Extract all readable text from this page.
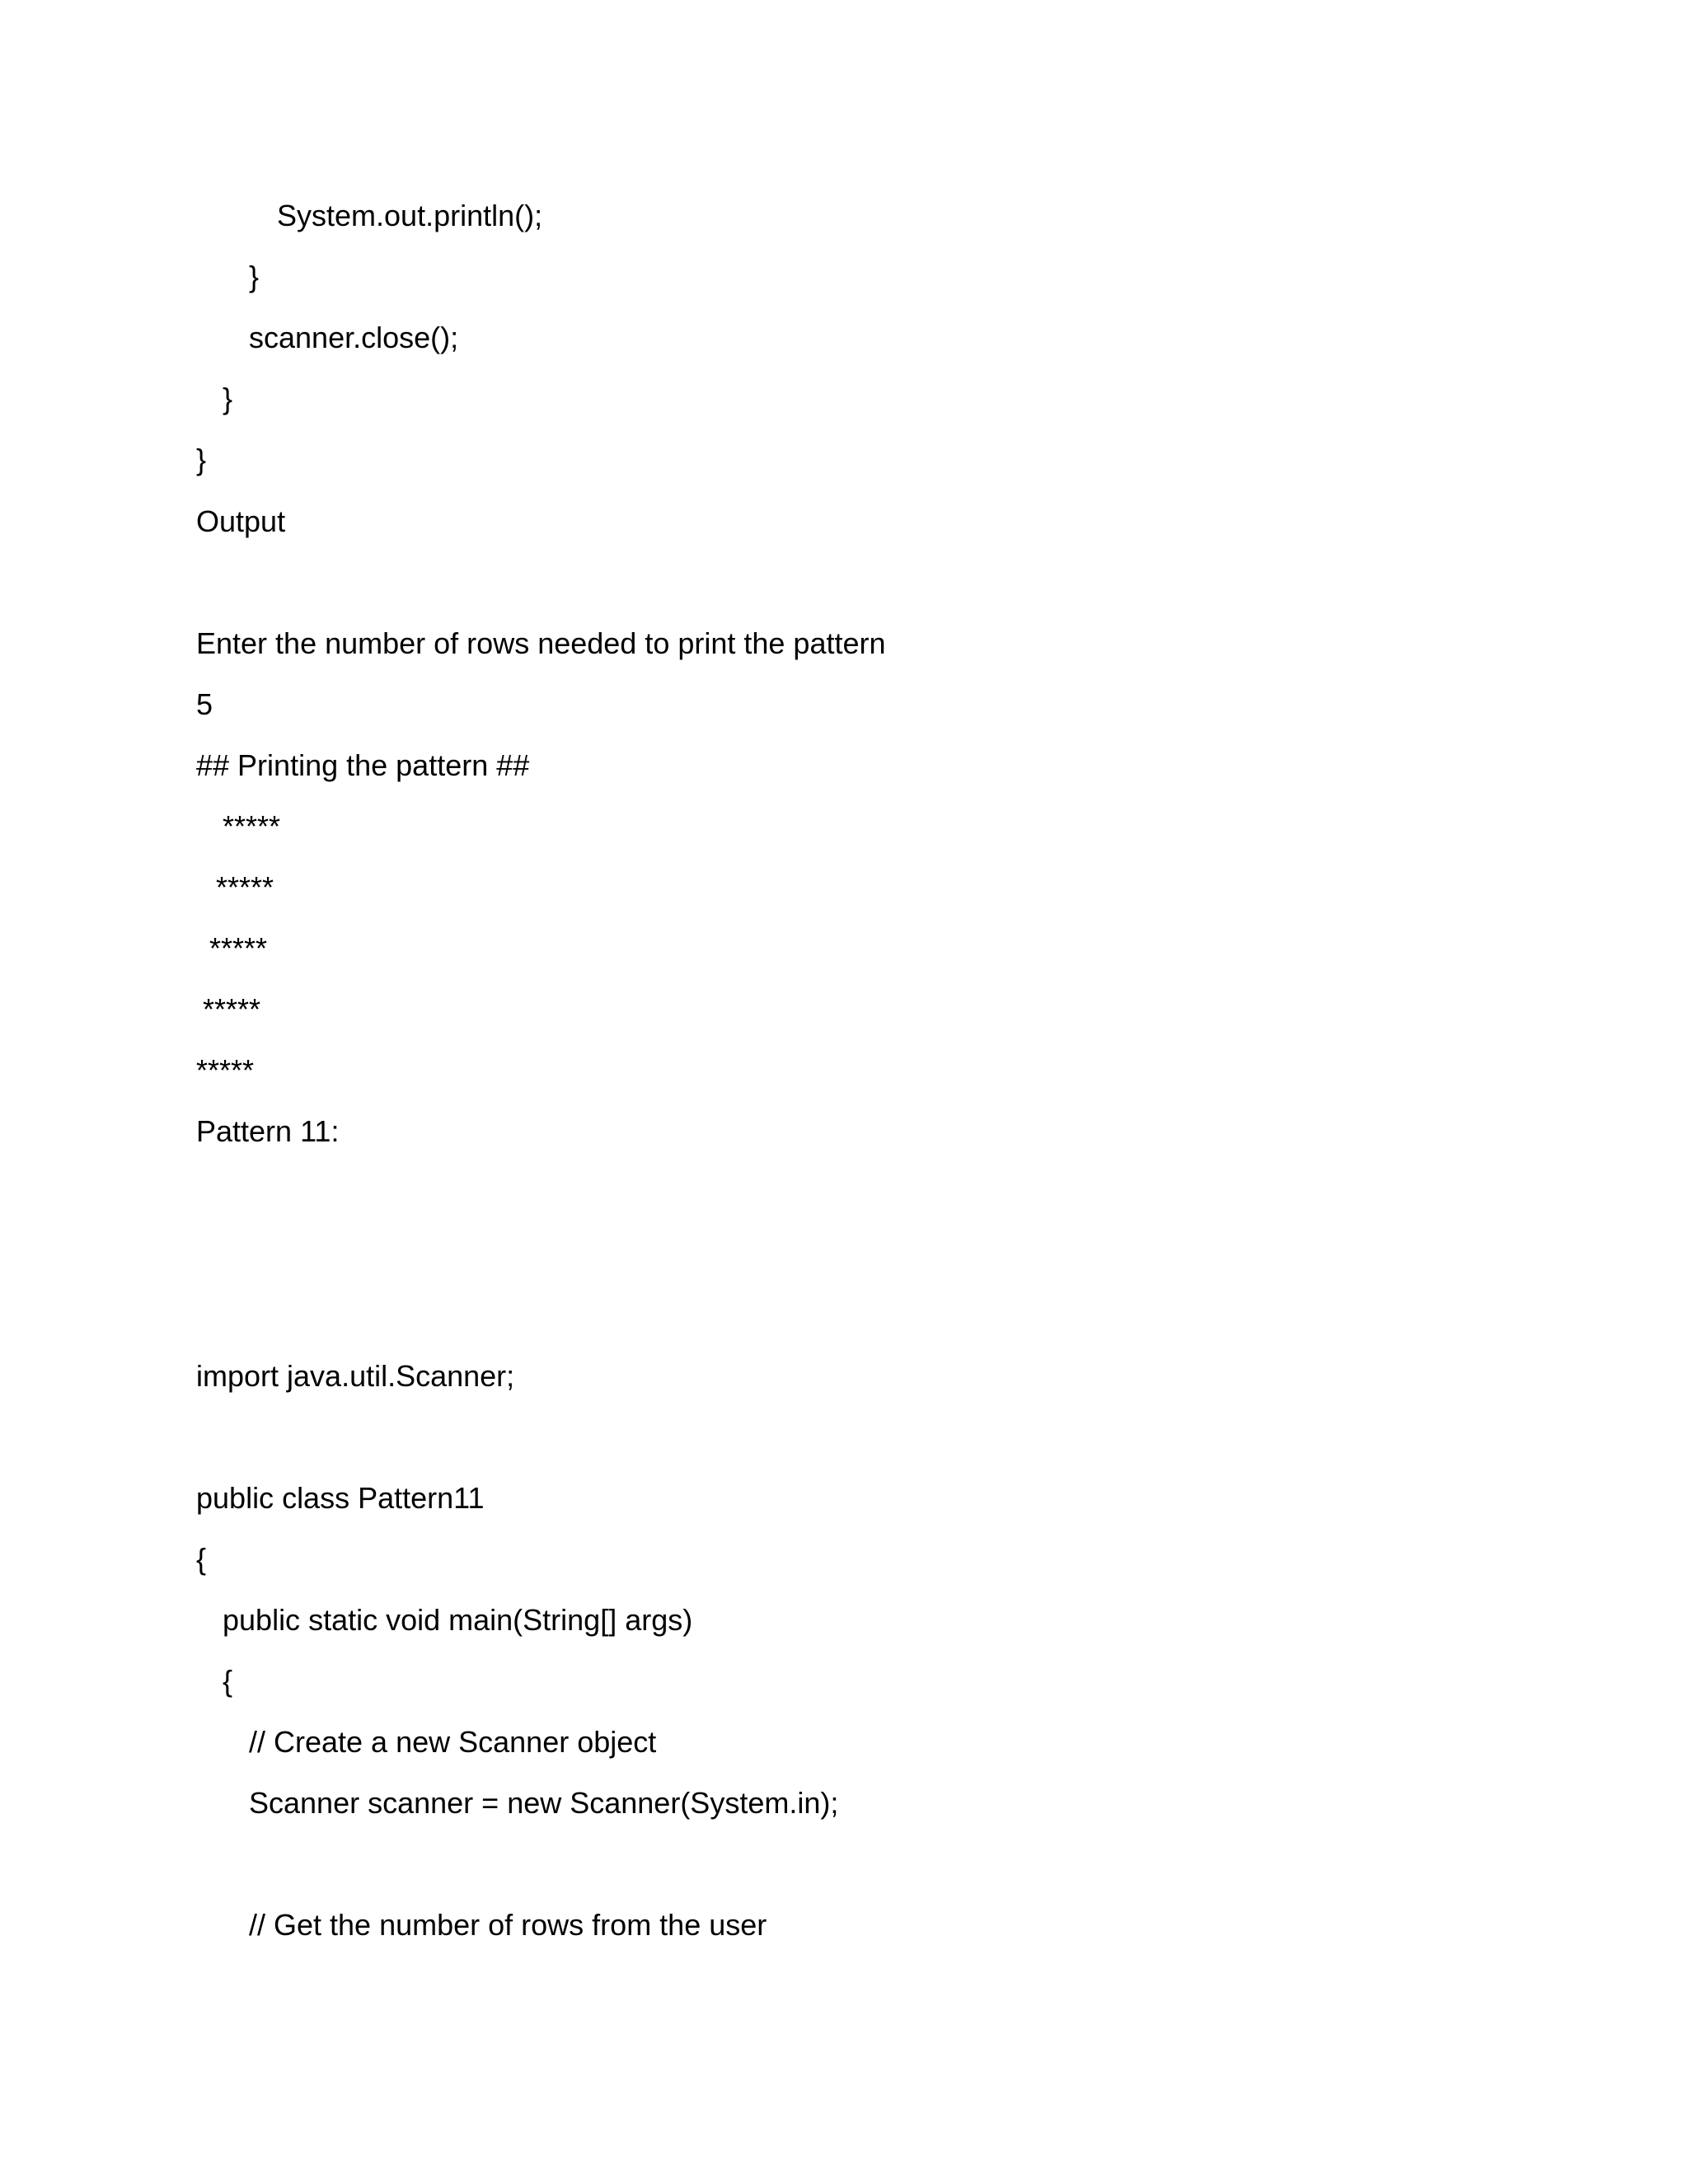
System.out.println();

}

scanner.close();

}

}

Output

Enter the number of rows needed to print the pattern

5

## Printing the pattern ##

*****

*****

*****

*****

*****

Pattern 11:

import java.util.Scanner;

public class Pattern11

{

public static void main(String[] args)

{

// Create a new Scanner object

Scanner scanner = new Scanner(System.in);

// Get the number of rows from the user
